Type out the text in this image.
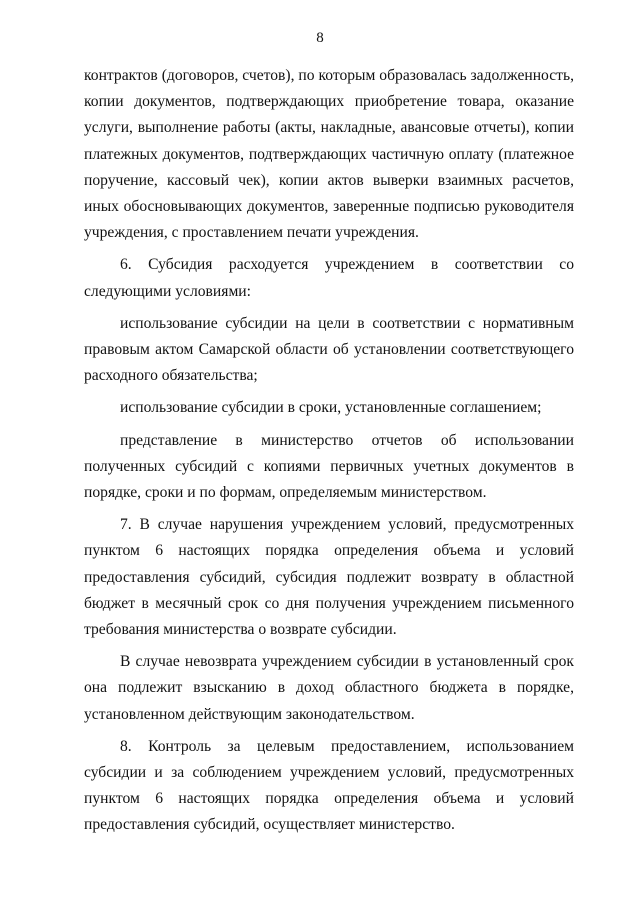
8

контрактов (договоров, счетов), по которым образовалась задолженность, копии документов, подтверждающих приобретение товара, оказание услуги, выполнение работы (акты, накладные, авансовые отчеты), копии платежных документов, подтверждающих частичную оплату (платежное поручение, кассовый чек), копии актов выверки взаимных расчетов, иных обосновывающих документов, заверенные подписью руководителя учреждения, с проставлением печати учреждения.

6. Субсидия расходуется учреждением в соответствии со следующими условиями:

использование субсидии на цели в соответствии с нормативным правовым актом Самарской области об установлении соответствующего расходного обязательства;

использование субсидии в сроки, установленные соглашением;

представление в министерство отчетов об использовании полученных субсидий с копиями первичных учетных документов в порядке, сроки и по формам, определяемым министерством.

7. В случае нарушения учреждением условий, предусмотренных пунктом 6 настоящих порядка определения объема и условий предоставления субсидий, субсидия подлежит возврату в областной бюджет в месячный срок со дня получения учреждением письменного требования министерства о возврате субсидии.

В случае невозврата учреждением субсидии в установленный срок она подлежит взысканию в доход областного бюджета в порядке, установленном действующим законодательством.

8. Контроль за целевым предоставлением, использованием субсидии и за соблюдением учреждением условий, предусмотренных пунктом 6 настоящих порядка определения объема и условий предоставления субсидий, осуществляет министерство.
